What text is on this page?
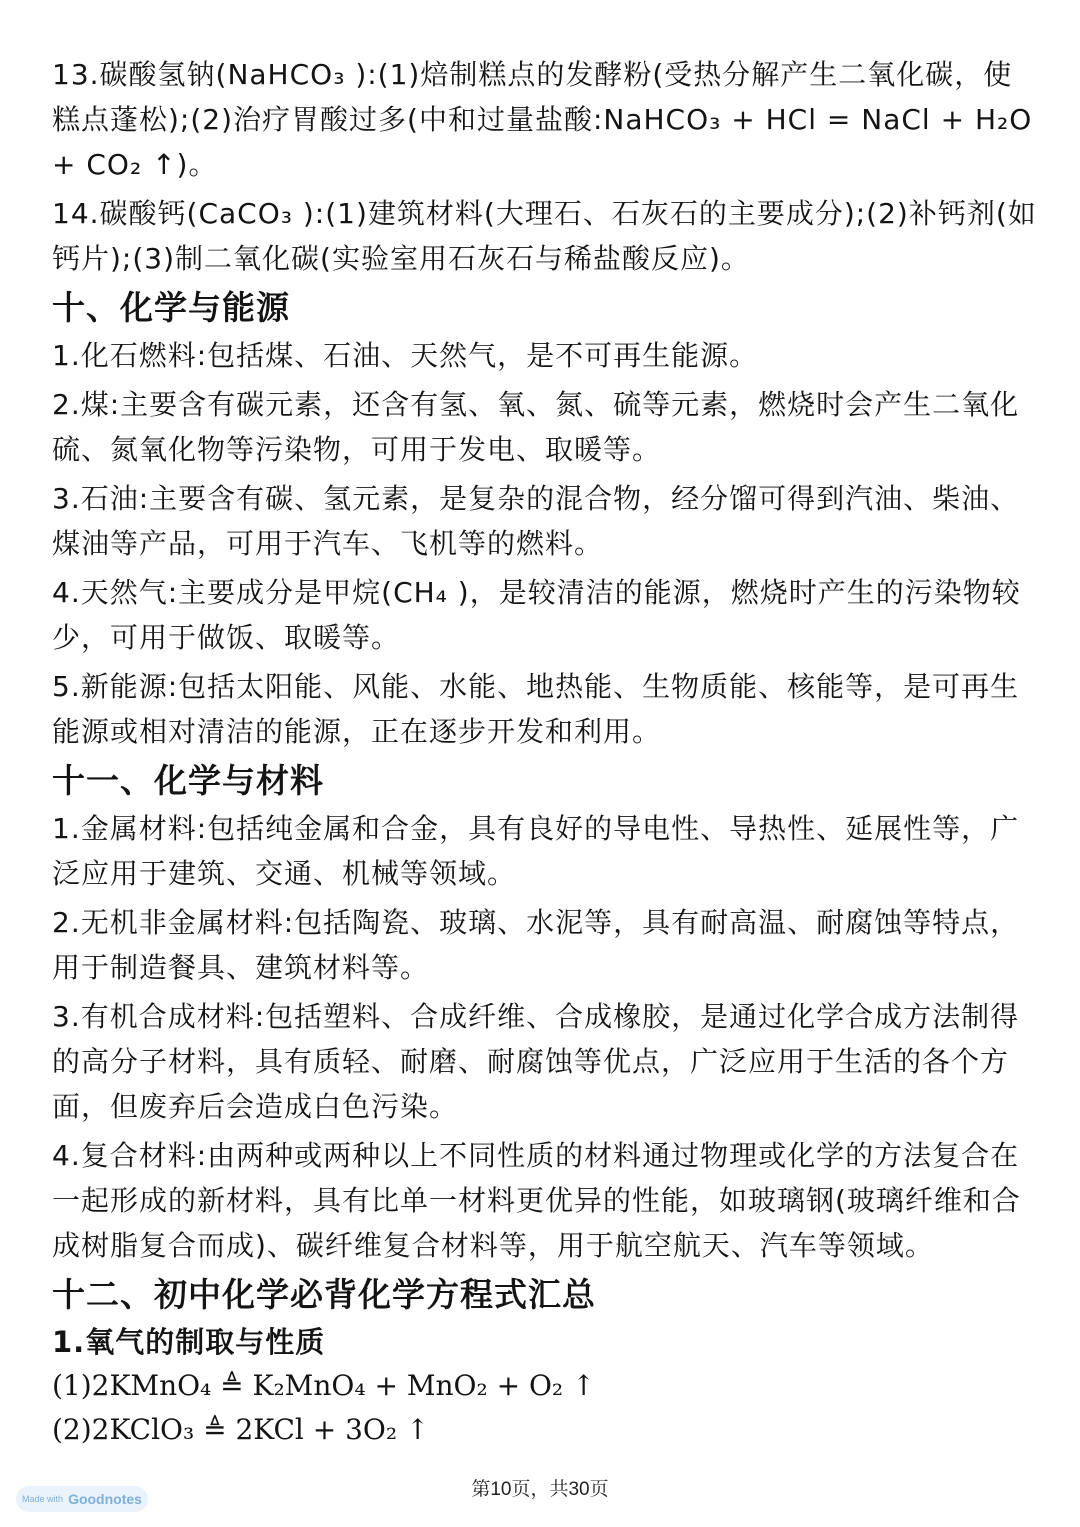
13.碳酸氢钠(NaHCO₃ ):(1)焙制糕点的发酵粉(受热分解产生二氧化碳，使糕点蓬松);(2)治疗胃酸过多(中和过量盐酸:NaHCO₃ + HCl = NaCl + H₂O + CO₂ ↑)。

14.碳酸钙(CaCO₃ ):(1)建筑材料(大理石、石灰石的主要成分);(2)补钙剂(如钙片);(3)制二氧化碳(实验室用石灰石与稀盐酸反应)。

十、化学与能源

1.化石燃料:包括煤、石油、天然气，是不可再生能源。

2.煤:主要含有碳元素，还含有氢、氧、氮、硫等元素，燃烧时会产生二氧化硫、氮氧化物等污染物，可用于发电、取暖等。

3.石油:主要含有碳、氢元素，是复杂的混合物，经分馏可得到汽油、柴油、煤油等产品，可用于汽车、飞机等的燃料。

4.天然气:主要成分是甲烷(CH₄ )，是较清洁的能源，燃烧时产生的污染物较少，可用于做饭、取暖等。

5.新能源:包括太阳能、风能、水能、地热能、生物质能、核能等，是可再生能源或相对清洁的能源，正在逐步开发和利用。

十一、化学与材料

1.金属材料:包括纯金属和合金，具有良好的导电性、导热性、延展性等，广泛应用于建筑、交通、机械等领域。

2.无机非金属材料:包括陶瓷、玻璃、水泥等，具有耐高温、耐腐蚀等特点，用于制造餐具、建筑材料等。

3.有机合成材料:包括塑料、合成纤维、合成橡胶，是通过化学合成方法制得的高分子材料，具有质轻、耐磨、耐腐蚀等优点，广泛应用于生活的各个方面，但废弃后会造成白色污染。

4.复合材料:由两种或两种以上不同性质的材料通过物理或化学的方法复合在一起形成的新材料，具有比单一材料更优异的性能，如玻璃钢(玻璃纤维和合成树脂复合而成)、碳纤维复合材料等，用于航空航天、汽车等领域。

十二、初中化学必背化学方程式汇总
1.氧气的制取与性质
(1)2KMnO₄ ≜ K₂MnO₄ + MnO₂ + O₂ ↑
(2)2KClO₃ ≜ 2KCl + 3O₂ ↑
第10页，共30页
Made with Goodnotes
